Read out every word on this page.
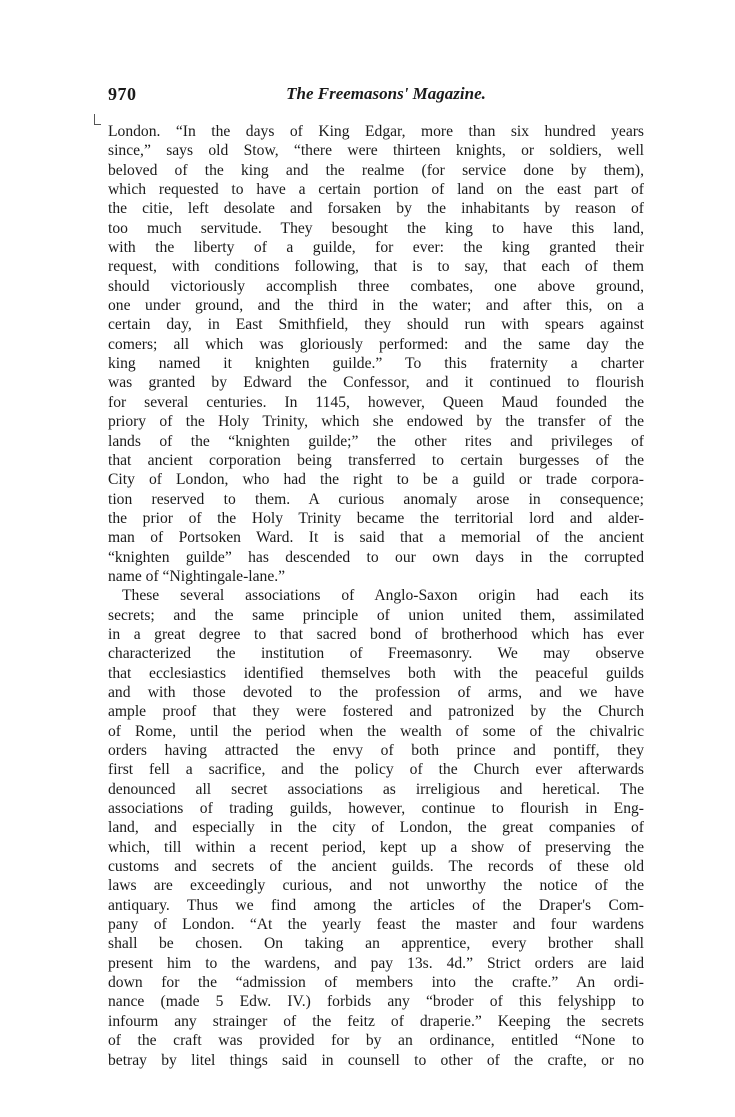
970	The Freemasons' Magazine.
London. “In the days of King Edgar, more than six hundred years
since,” says old Stow, “there were thirteen knights, or soldiers, well
beloved of the king and the realme (for service done by them),
which requested to have a certain portion of land on the east part of
the citie, left desolate and forsaken by the inhabitants by reason of
too much servitude. They besought the king to have this land,
with the liberty of a guilde, for ever: the king granted their
request, with conditions following, that is to say, that each of them
should victoriously accomplish three combates, one above ground,
one under ground, and the third in the water; and after this, on a
certain day, in East Smithfield, they should run with spears against
comers; all which was gloriously performed: and the same day the
king named it knighten guilde.” To this fraternity a charter
was granted by Edward the Confessor, and it continued to flourish
for several centuries. In 1145, however, Queen Maud founded the
priory of the Holy Trinity, which she endowed by the transfer of the
lands of the “knighten guilde;” the other rites and privileges of
that ancient corporation being transferred to certain burgesses of the
City of London, who had the right to be a guild or trade corpora-
tion reserved to them. A curious anomaly arose in consequence;
the prior of the Holy Trinity became the territorial lord and alder-
man of Portsoken Ward. It is said that a memorial of the ancient
“knighten guilde” has descended to our own days in the corrupted
name of “Nightingale-lane.”
These several associations of Anglo-Saxon origin had each its
secrets; and the same principle of union united them, assimilated
in a great degree to that sacred bond of brotherhood which has ever
characterized the institution of Freemasonry. We may observe
that ecclesiastics identified themselves both with the peaceful guilds
and with those devoted to the profession of arms, and we have
ample proof that they were fostered and patronized by the Church
of Rome, until the period when the wealth of some of the chivalric
orders having attracted the envy of both prince and pontiff, they
first fell a sacrifice, and the policy of the Church ever afterwards
denounced all secret associations as irreligious and heretical. The
associations of trading guilds, however, continue to flourish in Eng-
land, and especially in the city of London, the great companies of
which, till within a recent period, kept up a show of preserving the
customs and secrets of the ancient guilds. The records of these old
laws are exceedingly curious, and not unworthy the notice of the
antiquary. Thus we find among the articles of the Draper's Com-
pany of London. “At the yearly feast the master and four wardens
shall be chosen. On taking an apprentice, every brother shall
present him to the wardens, and pay 13s. 4d.” Strict orders are laid
down for the “admission of members into the crafte.” An ordi-
nance (made 5 Edw. IV.) forbids any “broder of this felyshipp to
infourm any strainger of the feitz of draperie.” Keeping the secrets
of the craft was provided for by an ordinance, entitled “None to
betray by litel things said in counsell to other of the crafte, or no
